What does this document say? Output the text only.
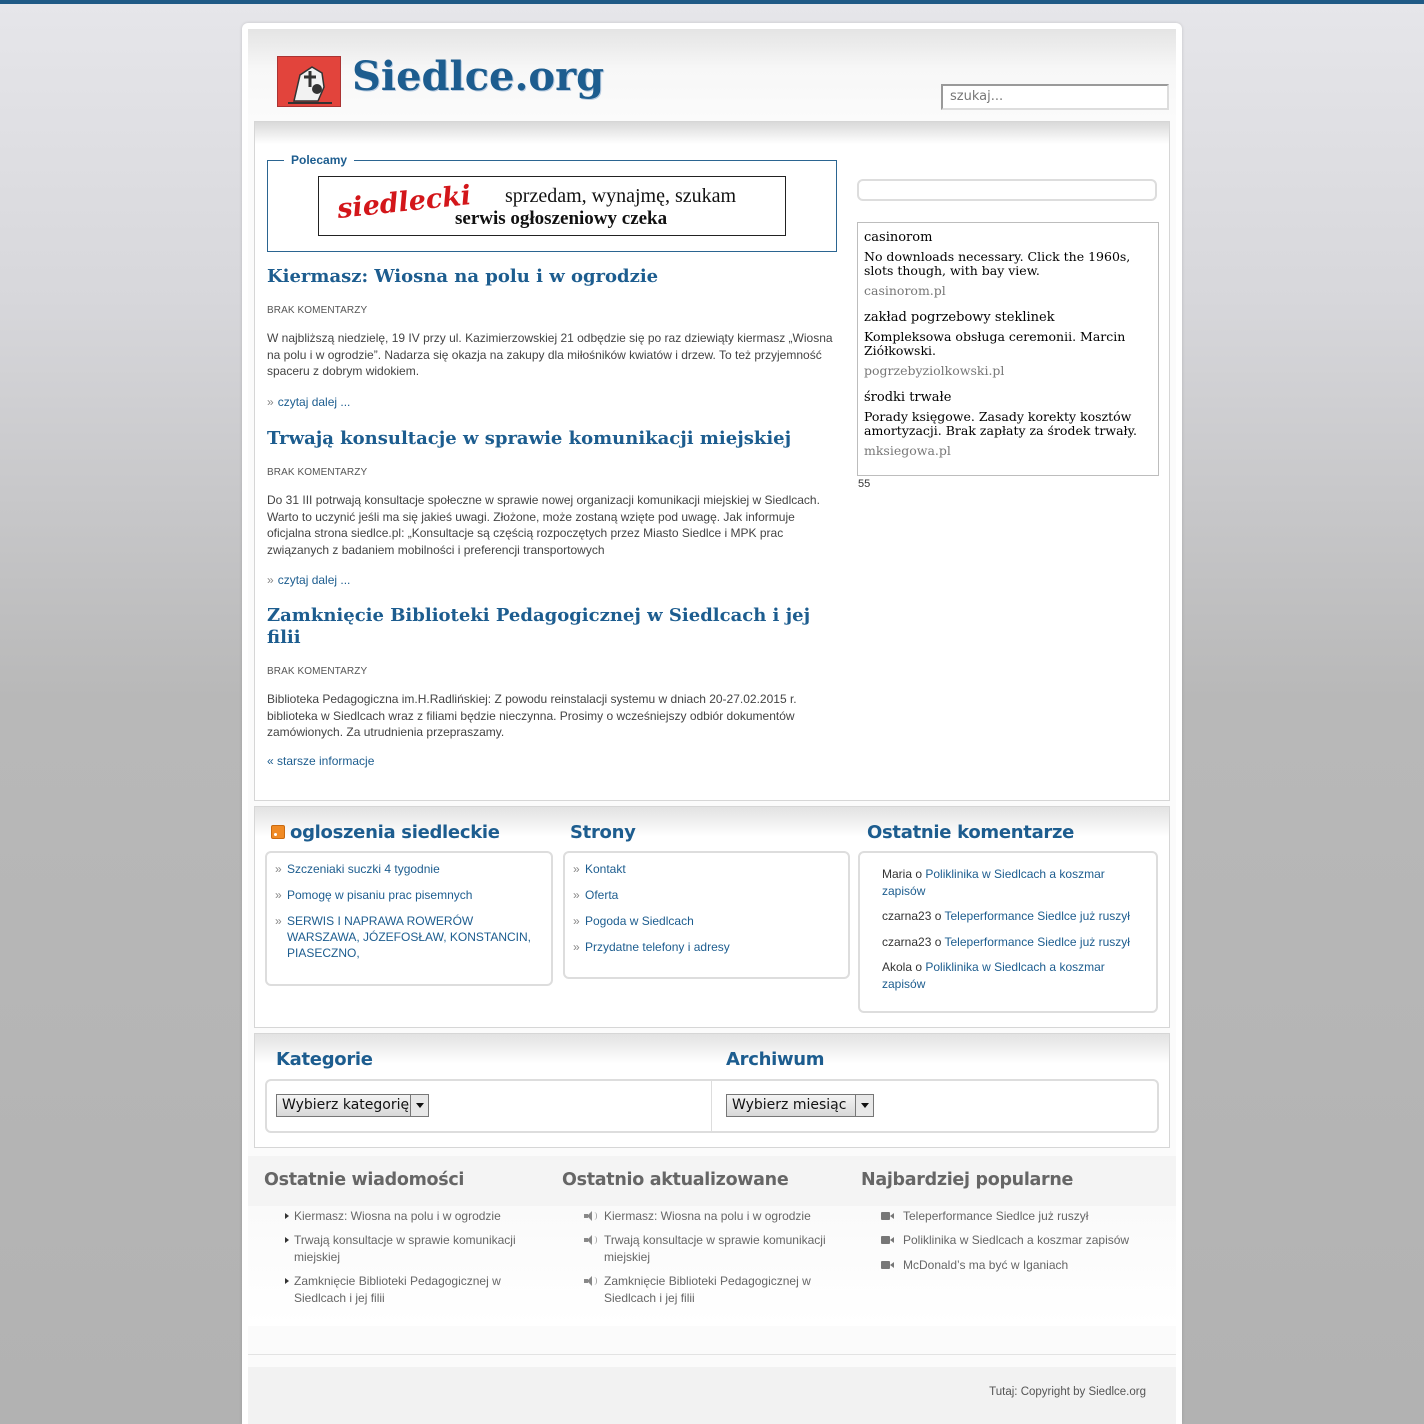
Siedlce.org	szukaj...
Polecamy
siedlecki sprzedam, wynajmę, szukam
serwis ogłoszeniowy czeka
Kiermasz: Wiosna na polu i w ogrodzie
BRAK KOMENTARZY
W najbliższą niedzielę, 19 IV przy ul. Kazimierzowskiej 21 odbędzie się po raz dziewiąty kiermasz „Wiosna na polu i w ogrodzie”. Nadarza się okazja na zakupy dla miłośników kwiatów i drzew. To też przyjemność spaceru z dobrym widokiem.
» czytaj dalej ...
Trwają konsultacje w sprawie komunikacji miejskiej
BRAK KOMENTARZY
Do 31 III potrwają konsultacje społeczne w sprawie nowej organizacji komunikacji miejskiej w Siedlcach. Warto to uczynić jeśli ma się jakieś uwagi. Złożone, może zostaną wzięte pod uwagę. Jak informuje oficjalna strona siedlce.pl: „Konsultacje są częścią rozpoczętych przez Miasto Siedlce i MPK prac związanych z badaniem mobilności i preferencji transportowych
» czytaj dalej ...
Zamknięcie Biblioteki Pedagogicznej w Siedlcach i jej filii
BRAK KOMENTARZY
Biblioteka Pedagogiczna im.H.Radlińskiej: Z powodu reinstalacji systemu w dniach 20-27.02.2015 r. biblioteka w Siedlcach wraz z filiami będzie nieczynna. Prosimy o wcześniejszy odbiór dokumentów zamówionych. Za utrudnienia przepraszamy.
« starsze informacje
casinorom
No downloads necessary. Click the 1960s, slots though, with bay view.
casinorom.pl
zakład pogrzebowy steklinek
Kompleksowa obsługa ceremonii. Marcin Ziółkowski.
pogrzebyziolkowski.pl
środki trwałe
Porady księgowe. Zasady korekty kosztów amortyzacji. Brak zapłaty za środek trwały.
mksiegowa.pl
55
ogloszenia siedleckie
» Szczeniaki suczki 4 tygodnie
» Pomogę w pisaniu prac pisemnych
» SERWIS I NAPRAWA ROWERÓW WARSZAWA, JÓZEFOSŁAW, KONSTANCIN, PIASECZNO,
Strony
» Kontakt
» Oferta
» Pogoda w Siedlcach
» Przydatne telefony i adresy
Ostatnie komentarze
Maria o Poliklinika w Siedlcach a koszmar zapisów
czarna23 o Teleperformance Siedlce już ruszył
czarna23 o Teleperformance Siedlce już ruszył
Akola o Poliklinika w Siedlcach a koszmar zapisów
Kategorie	Archiwum
Wybierz kategorię	Wybierz miesiąc
Ostatnie wiadomości	Ostatnio aktualizowane	Najbardziej popularne
Kiermasz: Wiosna na polu i w ogrodzie
Trwają konsultacje w sprawie komunikacji miejskiej
Zamknięcie Biblioteki Pedagogicznej w Siedlcach i jej filii
Kiermasz: Wiosna na polu i w ogrodzie
Trwają konsultacje w sprawie komunikacji miejskiej
Zamknięcie Biblioteki Pedagogicznej w Siedlcach i jej filii
Teleperformance Siedlce już ruszył
Poliklinika w Siedlcach a koszmar zapisów
McDonald’s ma być w Iganiach
Tutaj: Copyright by Siedlce.org
